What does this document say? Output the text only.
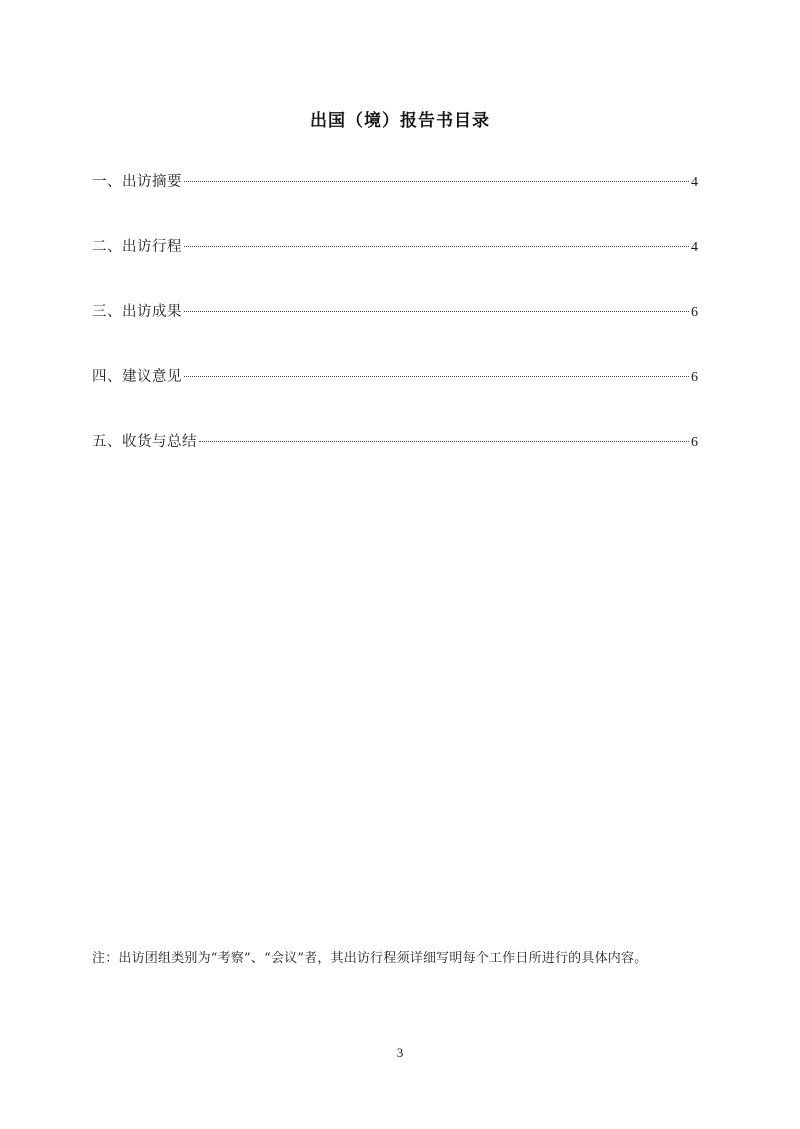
出国（境）报告书目录
一、出访摘要	4
二、出访行程	4
三、出访成果	6
四、建议意见	6
五、收货与总结	6
注：出访团组类别为“考察”、“会议”者，其出访行程须详细写明每个工作日所进行的具体内容。
3
